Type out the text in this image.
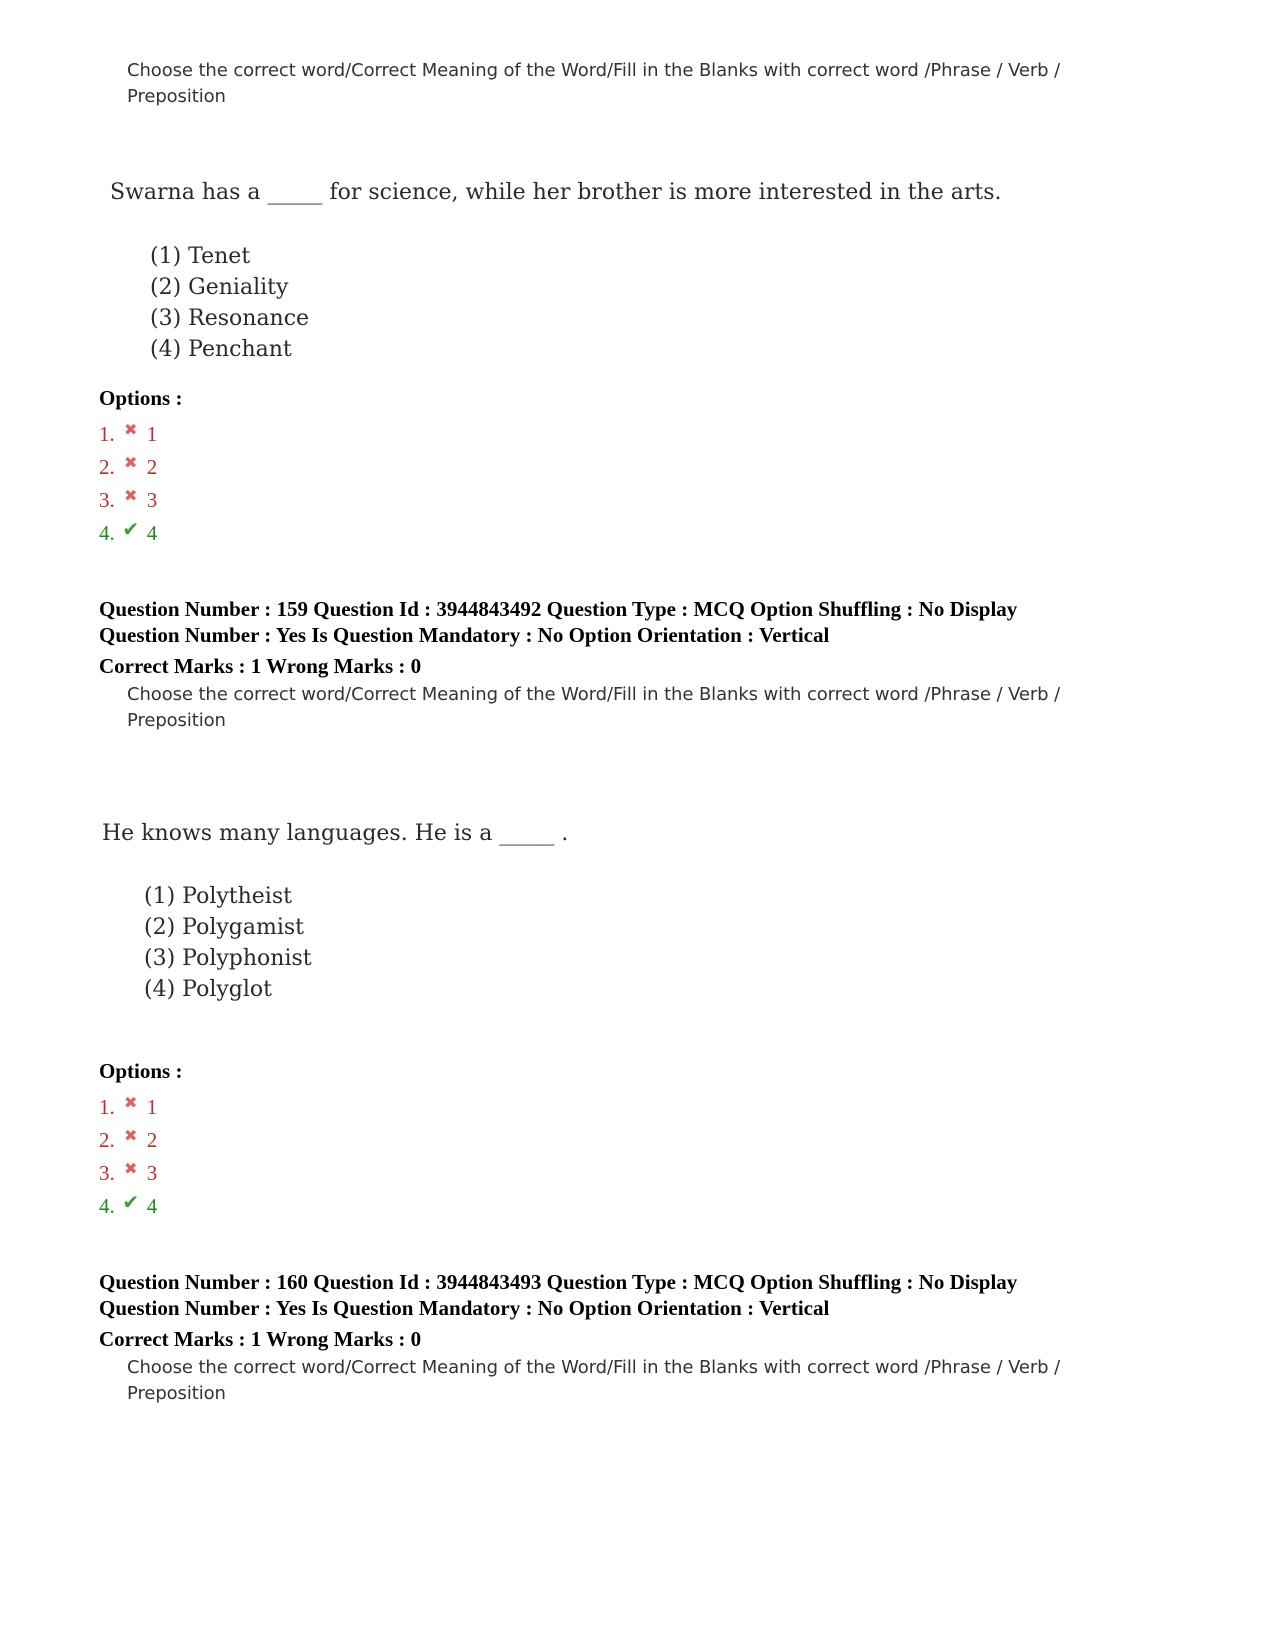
Choose the correct word/Correct Meaning of the Word/Fill in the Blanks with correct word /Phrase / Verb /
Preposition
Swarna has a _____ for science, while her brother is more interested in the arts.
(1) Tenet
(2) Geniality
(3) Resonance
(4) Penchant
Options :
1. ✖ 1
2. ✖ 2
3. ✖ 3
4. ✔ 4
Question Number : 159 Question Id : 3944843492 Question Type : MCQ Option Shuffling : No Display
Question Number : Yes Is Question Mandatory : No Option Orientation : Vertical
Correct Marks : 1 Wrong Marks : 0
Choose the correct word/Correct Meaning of the Word/Fill in the Blanks with correct word /Phrase / Verb /
Preposition
He knows many languages. He is a _____ .
(1) Polytheist
(2) Polygamist
(3) Polyphonist
(4) Polyglot
Options :
1. ✖ 1
2. ✖ 2
3. ✖ 3
4. ✔ 4
Question Number : 160 Question Id : 3944843493 Question Type : MCQ Option Shuffling : No Display
Question Number : Yes Is Question Mandatory : No Option Orientation : Vertical
Correct Marks : 1 Wrong Marks : 0
Choose the correct word/Correct Meaning of the Word/Fill in the Blanks with correct word /Phrase / Verb /
Preposition
